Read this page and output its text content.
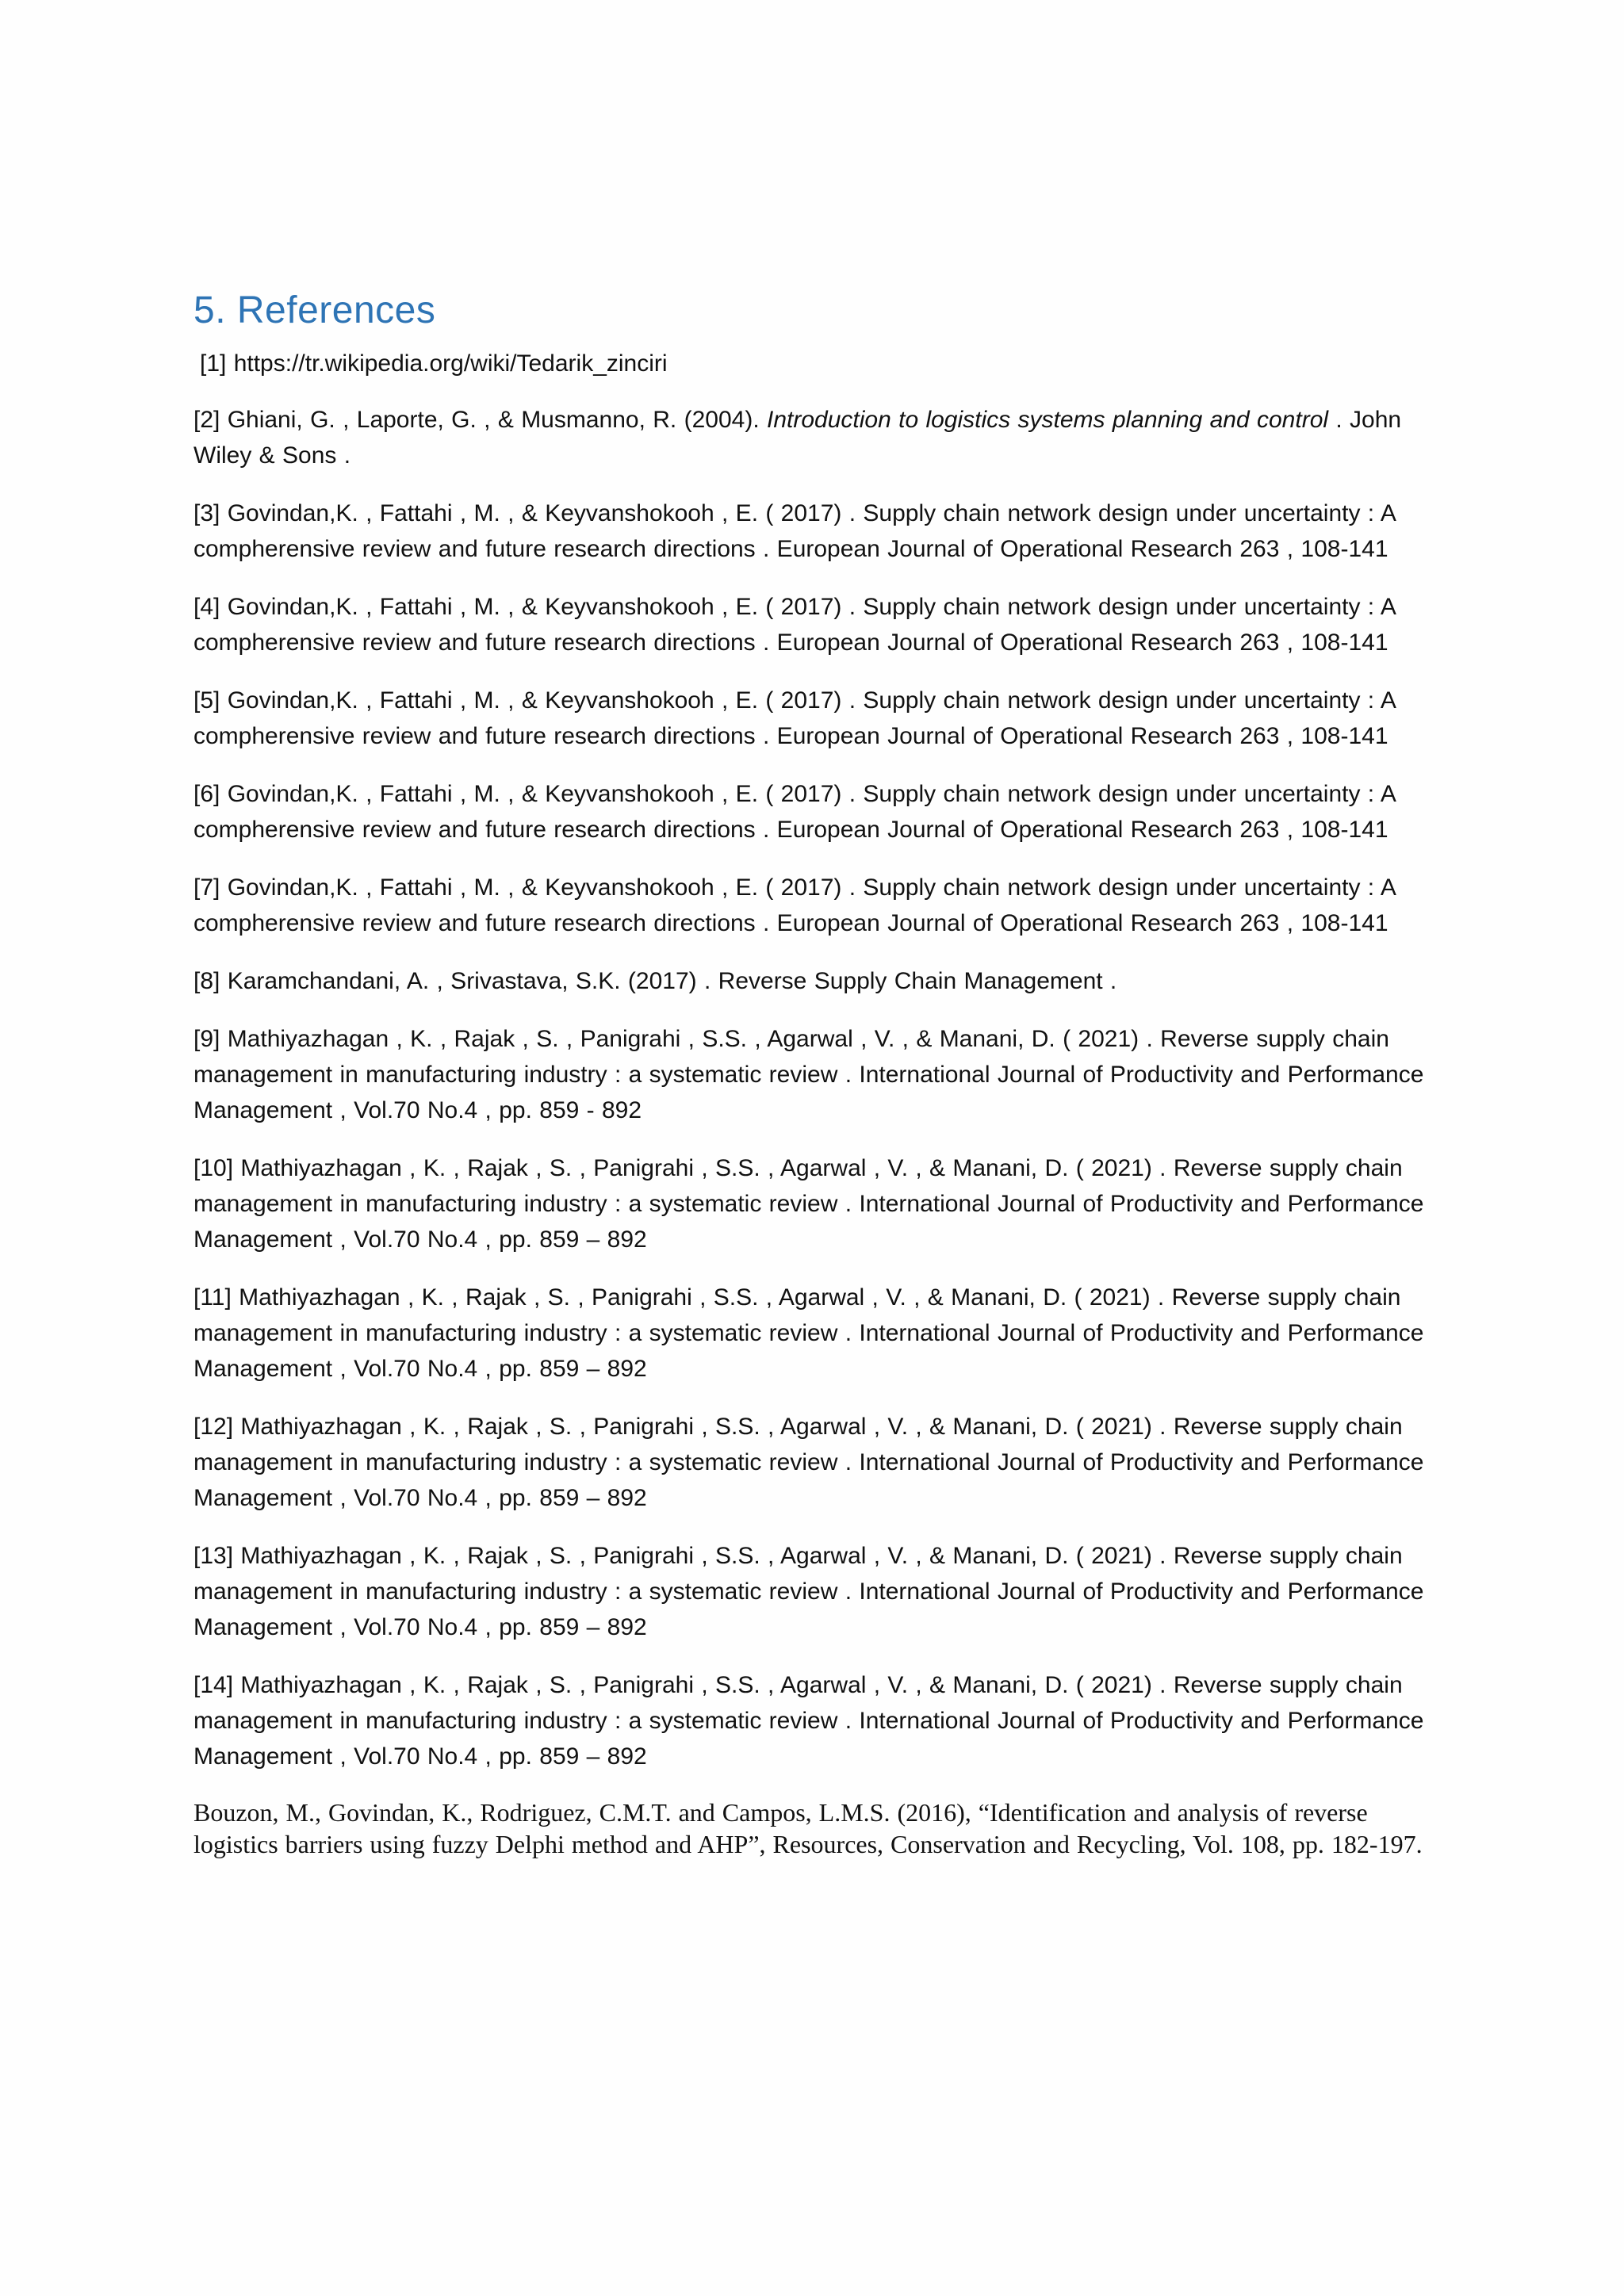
5. References

[1] https://tr.wikipedia.org/wiki/Tedarik_zinciri

[2] Ghiani, G. , Laporte, G. , & Musmanno, R. (2004). Introduction to logistics systems planning and control . John Wiley & Sons .

[3] Govindan,K. , Fattahi , M. , & Keyvanshokooh , E. ( 2017) . Supply chain network design under uncertainty : A compherensive review and future research directions . European Journal of Operational Research 263 , 108-141

[4] Govindan,K. , Fattahi , M. , & Keyvanshokooh , E. ( 2017) . Supply chain network design under uncertainty : A compherensive review and future research directions . European Journal of Operational Research 263 , 108-141

[5] Govindan,K. , Fattahi , M. , & Keyvanshokooh , E. ( 2017) . Supply chain network design under uncertainty : A compherensive review and future research directions . European Journal of Operational Research 263 , 108-141

[6] Govindan,K. , Fattahi , M. , & Keyvanshokooh , E. ( 2017) . Supply chain network design under uncertainty : A compherensive review and future research directions . European Journal of Operational Research 263 , 108-141

[7] Govindan,K. , Fattahi , M. , & Keyvanshokooh , E. ( 2017) . Supply chain network design under uncertainty : A compherensive review and future research directions . European Journal of Operational Research 263 , 108-141

[8] Karamchandani, A. , Srivastava, S.K. (2017) . Reverse Supply Chain Management .

[9] Mathiyazhagan , K. , Rajak , S. , Panigrahi , S.S. , Agarwal , V. , & Manani, D. ( 2021) . Reverse supply chain management in manufacturing industry : a systematic review . International Journal of Productivity and Performance Management , Vol.70 No.4 , pp. 859 - 892

[10] Mathiyazhagan , K. , Rajak , S. , Panigrahi , S.S. , Agarwal , V. , & Manani, D. ( 2021) . Reverse supply chain management in manufacturing industry : a systematic review . International Journal of Productivity and Performance Management , Vol.70 No.4 , pp. 859 – 892

[11] Mathiyazhagan , K. , Rajak , S. , Panigrahi , S.S. , Agarwal , V. , & Manani, D. ( 2021) . Reverse supply chain management in manufacturing industry : a systematic review . International Journal of Productivity and Performance Management , Vol.70 No.4 , pp. 859 – 892

[12] Mathiyazhagan , K. , Rajak , S. , Panigrahi , S.S. , Agarwal , V. , & Manani, D. ( 2021) . Reverse supply chain management in manufacturing industry : a systematic review . International Journal of Productivity and Performance Management , Vol.70 No.4 , pp. 859 – 892

[13] Mathiyazhagan , K. , Rajak , S. , Panigrahi , S.S. , Agarwal , V. , & Manani, D. ( 2021) . Reverse supply chain management in manufacturing industry : a systematic review . International Journal of Productivity and Performance Management , Vol.70 No.4 , pp. 859 – 892

[14] Mathiyazhagan , K. , Rajak , S. , Panigrahi , S.S. , Agarwal , V. , & Manani, D. ( 2021) . Reverse supply chain management in manufacturing industry : a systematic review . International Journal of Productivity and Performance Management , Vol.70 No.4 , pp. 859 – 892

Bouzon, M., Govindan, K., Rodriguez, C.M.T. and Campos, L.M.S. (2016), “Identification and analysis of reverse logistics barriers using fuzzy Delphi method and AHP”, Resources, Conservation and Recycling, Vol. 108, pp. 182-197.
